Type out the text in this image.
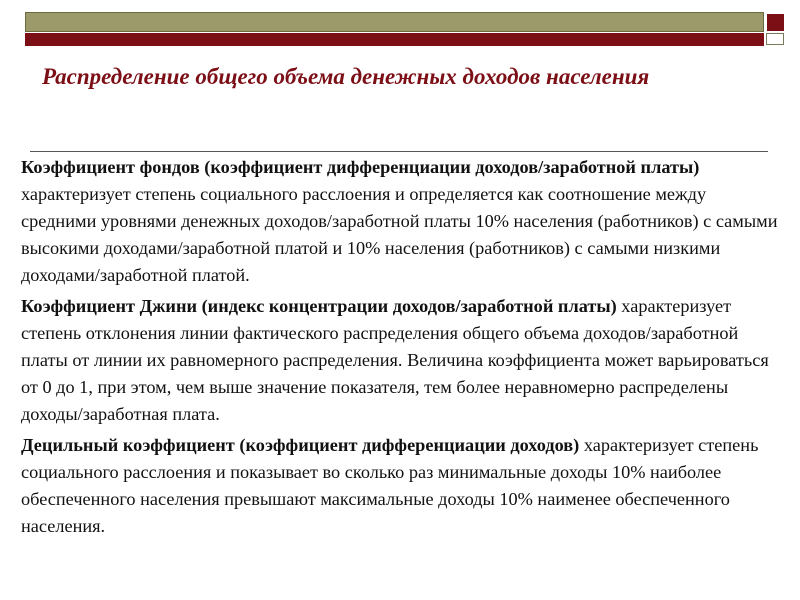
Распределение общего объема денежных доходов населения

Коэффициент фондов (коэффициент дифференциации доходов/заработной платы) характеризует степень социального расслоения и определяется как соотношение между средними уровнями денежных доходов/заработной платы 10% населения (работников) с самыми высокими доходами/заработной платой и 10% населения (работников) с самыми низкими доходами/заработной платой.

Коэффициент Джини (индекс концентрации доходов/заработной платы) характеризует степень отклонения линии фактического распределения общего объема доходов/заработной платы от линии их равномерного распределения. Величина коэффициента может варьироваться от 0 до 1, при этом, чем выше значение показателя, тем более неравномерно распределены доходы/заработная плата.

Децильный коэффициент (коэффициент дифференциации доходов) характеризует степень социального расслоения и показывает во сколько раз минимальные доходы 10% наиболее обеспеченного населения превышают максимальные доходы 10% наименее обеспеченного населения.
